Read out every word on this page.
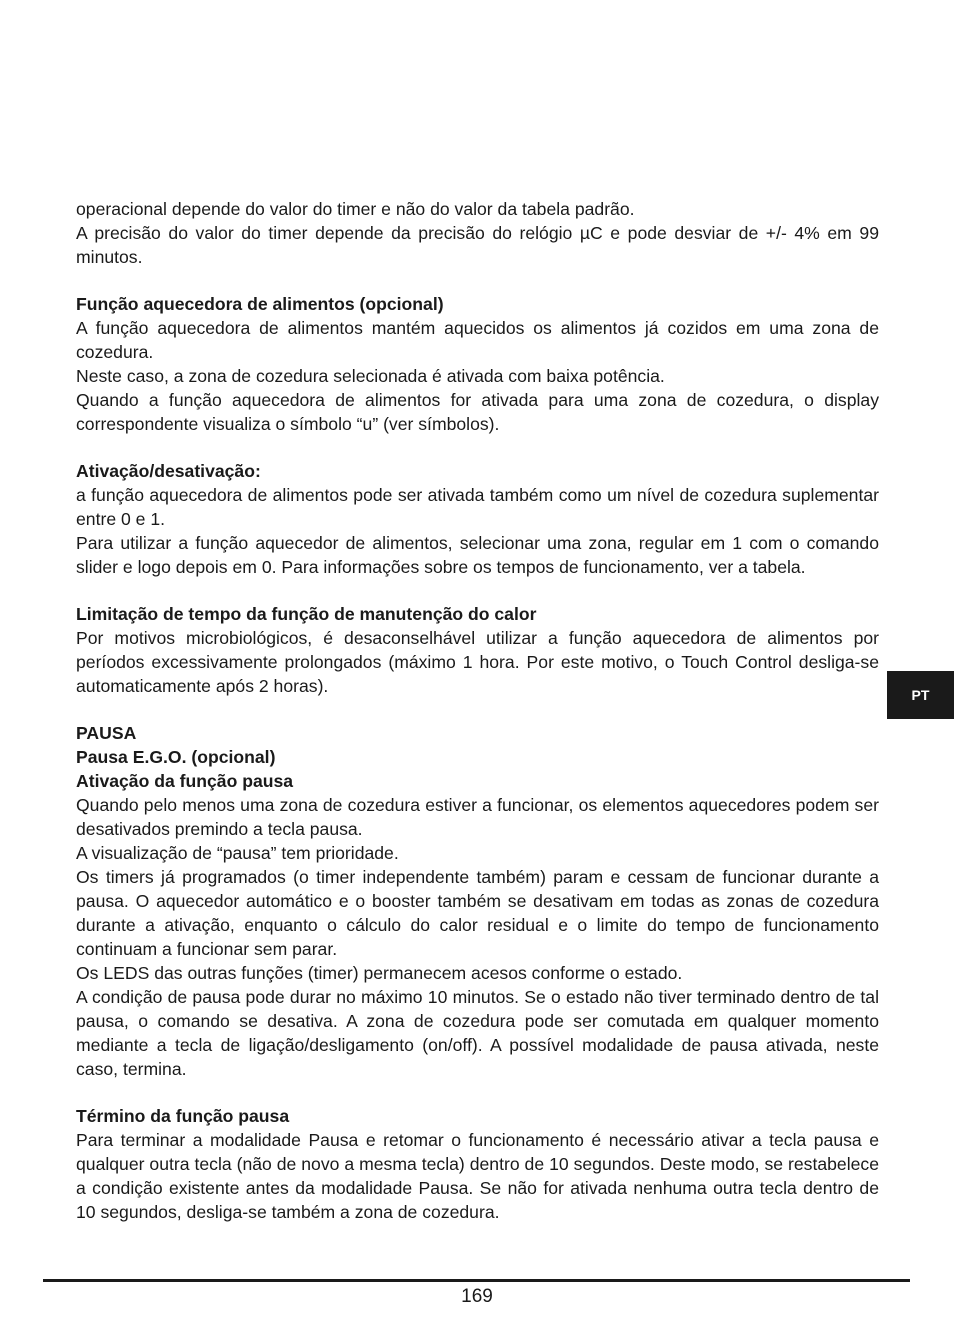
operacional depende do valor do timer e não do valor da tabela padrão.

A precisão do valor do timer depende da precisão do relógio µC e pode desviar de +/- 4% em 99 minutos.

Função aquecedora de alimentos (opcional)

A função aquecedora de alimentos mantém aquecidos os alimentos já cozidos em uma zona de cozedura.

Neste caso, a zona de cozedura selecionada é ativada com baixa potência.

Quando a função aquecedora de alimentos for ativada para uma zona de cozedura, o display correspondente visualiza o símbolo “u” (ver símbolos).

Ativação/desativação:

a função aquecedora de alimentos pode ser ativada também como um nível de cozedura suplementar entre 0 e 1.

Para utilizar a função aquecedor de alimentos, selecionar uma zona, regular em 1 com o comando slider e logo depois em 0. Para informações sobre os tempos de funcionamento, ver a tabela.

Limitação de tempo da função de manutenção do calor

Por motivos microbiológicos, é desaconselhável utilizar a função aquecedora de alimentos por períodos excessivamente prolongados (máximo 1 hora. Por este motivo, o Touch Control desliga-se automaticamente após 2 horas).

PAUSA
Pausa E.G.O. (opcional)
Ativação da função pausa

Quando pelo menos uma zona de cozedura estiver a funcionar, os elementos aquecedores podem ser desativados premindo a tecla pausa.

A visualização de “pausa” tem prioridade.

Os timers já programados (o timer independente também) param e cessam de funcionar durante a pausa. O aquecedor automático e o booster também se desativam em todas as zonas de cozedura durante a ativação, enquanto o cálculo do calor residual e o limite do tempo de funcionamento continuam a funcionar sem parar.

Os LEDS das outras funções (timer) permanecem acesos conforme o estado.

A condição de pausa pode durar no máximo 10 minutos. Se o estado não tiver terminado dentro de tal pausa, o comando se desativa. A zona de cozedura pode ser comutada em qualquer momento mediante a tecla de ligação/desligamento (on/off). A possível modalidade de pausa ativada, neste caso, termina.

Término da função pausa

Para terminar a modalidade Pausa e retomar o funcionamento é necessário ativar a tecla pausa e qualquer outra tecla (não de novo a mesma tecla) dentro de 10 segundos. Deste modo, se restabelece a condição existente antes da modalidade Pausa. Se não for ativada nenhuma outra tecla dentro de 10 segundos, desliga-se também a zona de cozedura.

PT
169
